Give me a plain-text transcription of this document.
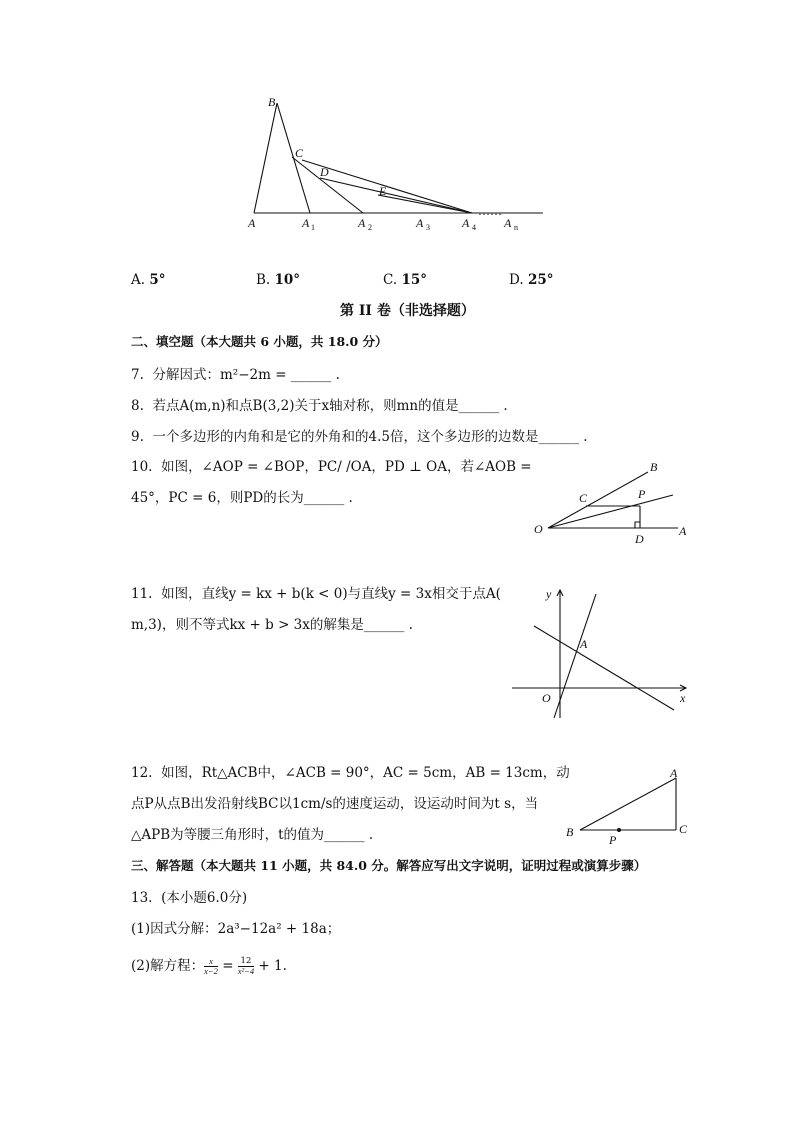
B
C
D
E
A	A 1	A 2	A 3	A 4
……
A n
A. 5°	B. 10°	C. 15°	D. 25°
第 II 卷（非选择题）
二、填空题（本大题共 6 小题，共 18.0 分）
7. 分解因式：m²−2m = ______ .
8. 若点A(m,n)和点B(3,2)关于x轴对称，则mn的值是______ .
9. 一个多边形的内角和是它的外角和的4.5倍，这个多边形的边数是______ .
10. 如图，∠AOP = ∠BOP，PC/ /OA，PD ⊥ OA，若∠AOB =
45°，PC = 6，则PD的长为______ .
B
C	P
O
D
A
11. 如图，直线y = kx + b(k < 0)与直线y = 3x相交于点A(
m,3)，则不等式kx + b > 3x的解集是______ .
y
A
O	x
12. 如图，Rt△ACB中，∠ACB = 90°，AC = 5cm，AB = 13cm，动
点P从点B出发沿射线BC以1cm/s的速度运动，设运动时间为t s，当
△APB为等腰三角形时，t的值为______ .
A
B
P
C
三、解答题（本大题共 11 小题，共 84.0 分。解答应写出文字说明，证明过程或演算步骤）
13. (本小题6.0分)
(1)因式分解：2a³−12a² + 18a；
(2)解方程： $\frac{x}{x-2} = \frac{12}{\text{x²−4}} + 1$.
